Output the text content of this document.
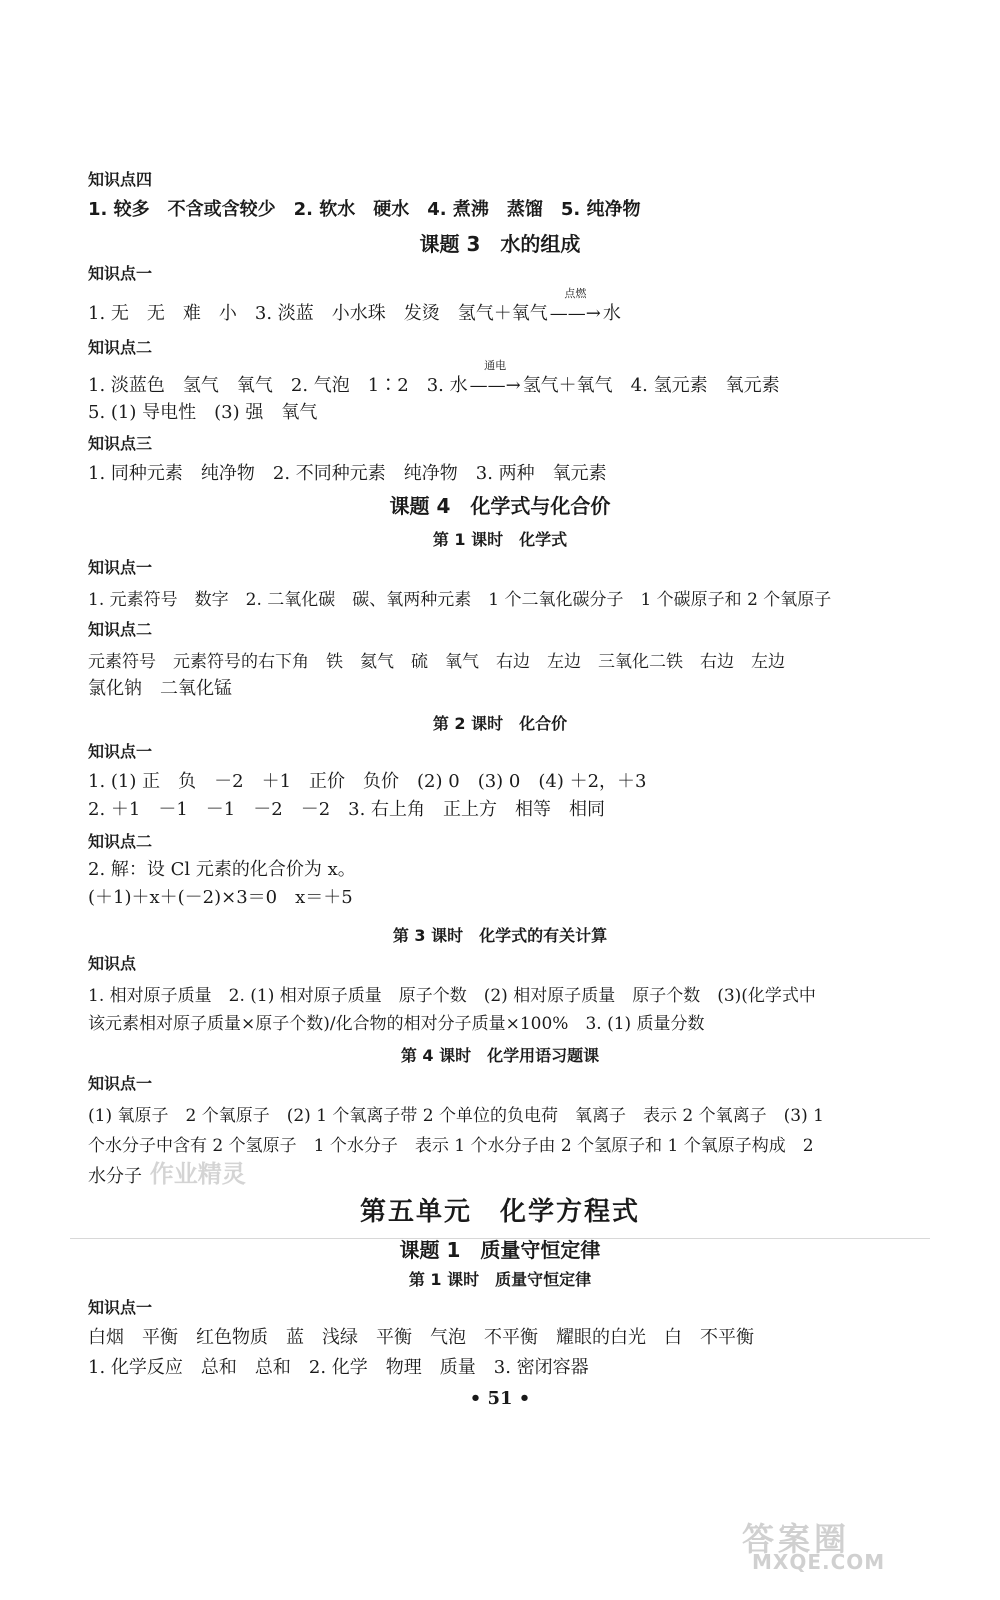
知识点四
1. 较多　不含或含较少　2. 软水　硬水　4. 煮沸　蒸馏　5. 纯净物
课题 3　水的组成
知识点一
1. 无　无　难　小　3. 淡蓝　小水珠　发烫　氢气＋氧气
点燃
——→ 水
知识点二
1. 淡蓝色　氢气　氧气　2. 气泡　1∶2　3. 水
通电
——→ 氢气＋氧气　4. 氢元素　氧元素
5. (1) 导电性　(3) 强　氧气
知识点三
1. 同种元素　纯净物　2. 不同种元素　纯净物　3. 两种　氧元素
课题 4　化学式与化合价
第 1 课时　化学式
知识点一
1. 元素符号　数字　2. 二氧化碳　碳、氧两种元素　1 个二氧化碳分子　1 个碳原子和 2 个氧原子
知识点二
元素符号　元素符号的右下角　铁　氦气　硫　氧气　右边　左边　三氧化二铁　右边　左边
氯化钠　二氧化锰
第 2 课时　化合价
知识点一
1. (1) 正　负　－2　＋1　正价　负价　(2) 0　(3) 0　(4) ＋2，＋3
2. ＋1　－1　－1　－2　－2　3. 右上角　正上方　相等　相同
知识点二
2. 解：设 Cl 元素的化合价为 x。
(＋1)＋x＋(－2)×3＝0　x＝＋5
第 3 课时　化学式的有关计算
知识点
1. 相对原子质量　2. (1) 相对原子质量　原子个数　(2) 相对原子质量　原子个数　(3)(化学式中
该元素相对原子质量×原子个数)/化合物的相对分子质量×100%　3. (1) 质量分数
第 4 课时　化学用语习题课
知识点一
(1) 氧原子　2 个氧原子　(2) 1 个氧离子带 2 个单位的负电荷　氧离子　表示 2 个氧离子　(3) 1
个水分子中含有 2 个氢原子　1 个水分子　表示 1 个水分子由 2 个氢原子和 1 个氧原子构成　2
水分子 作业精灵
第五单元　化学方程式
课题 1　质量守恒定律
第 1 课时　质量守恒定律
知识点一
白烟　平衡　红色物质　蓝　浅绿　平衡　气泡　不平衡　耀眼的白光　白　不平衡
1. 化学反应　总和　总和　2. 化学　物理　质量　3. 密闭容器
• 51 •
答案圈
MXQE.COM
